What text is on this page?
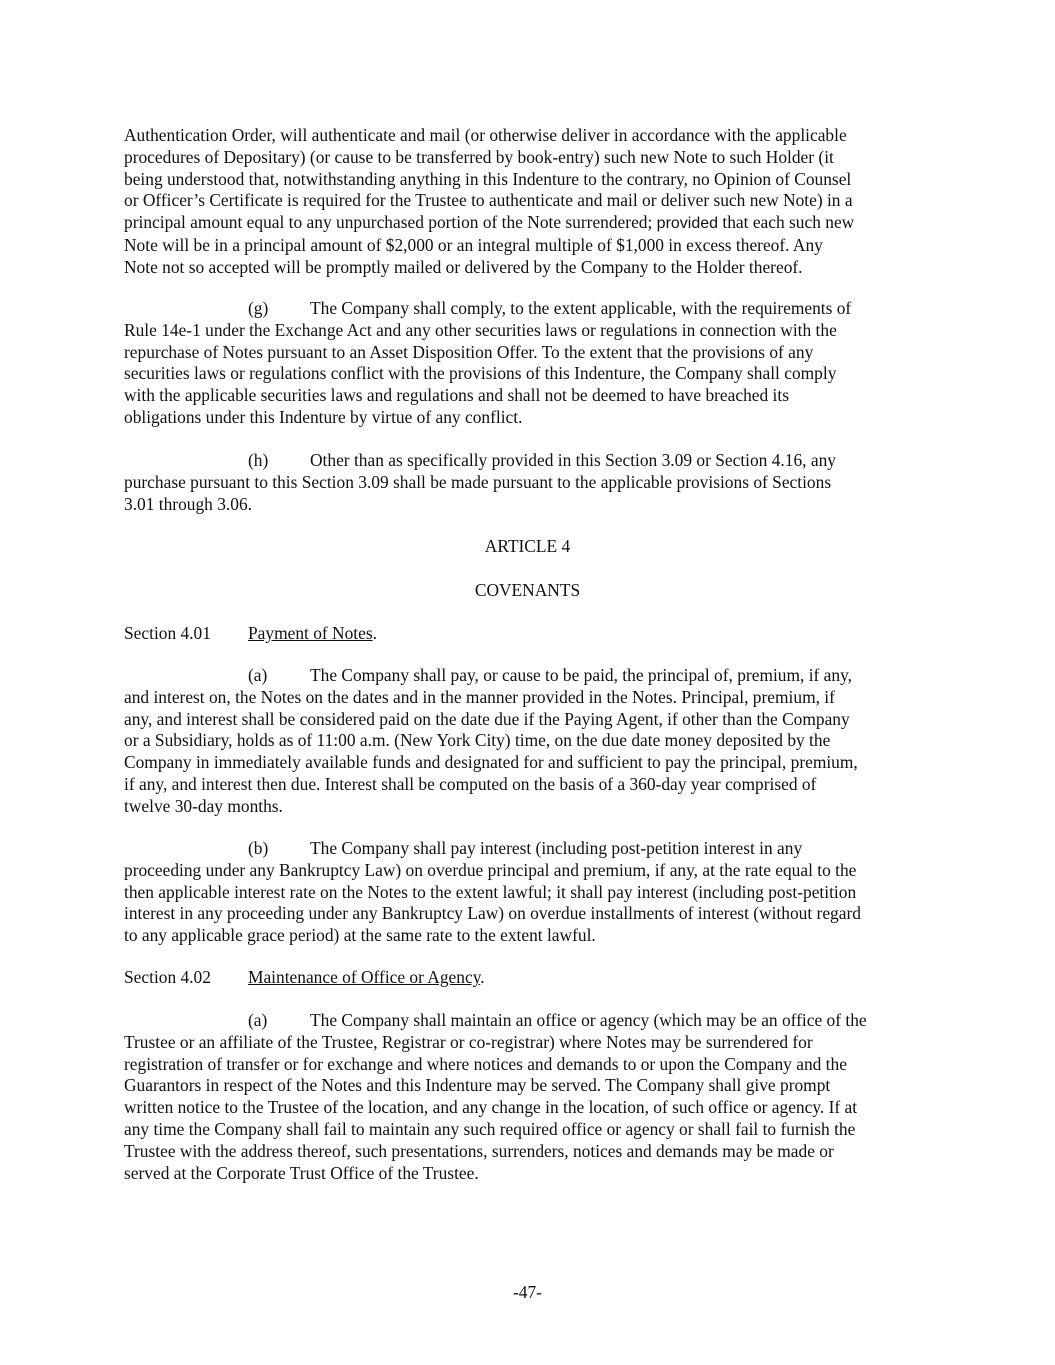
Authentication Order, will authenticate and mail (or otherwise deliver in accordance with the applicable
procedures of Depositary) (or cause to be transferred by book-entry) such new Note to such Holder (it
being understood that, notwithstanding anything in this Indenture to the contrary, no Opinion of Counsel
or Officer’s Certificate is required for the Trustee to authenticate and mail or deliver such new Note) in a
principal amount equal to any unpurchased portion of the Note surrendered; provided that each such new
Note will be in a principal amount of $2,000 or an integral multiple of $1,000 in excess thereof. Any
Note not so accepted will be promptly mailed or delivered by the Company to the Holder thereof.

(g) The Company shall comply, to the extent applicable, with the requirements of
Rule 14e-1 under the Exchange Act and any other securities laws or regulations in connection with the
repurchase of Notes pursuant to an Asset Disposition Offer. To the extent that the provisions of any
securities laws or regulations conflict with the provisions of this Indenture, the Company shall comply
with the applicable securities laws and regulations and shall not be deemed to have breached its
obligations under this Indenture by virtue of any conflict.

(h) Other than as specifically provided in this Section 3.09 or Section 4.16, any
purchase pursuant to this Section 3.09 shall be made pursuant to the applicable provisions of Sections
3.01 through 3.06.

ARTICLE 4

COVENANTS

Section 4.01 Payment of Notes.

(a) The Company shall pay, or cause to be paid, the principal of, premium, if any,
and interest on, the Notes on the dates and in the manner provided in the Notes. Principal, premium, if
any, and interest shall be considered paid on the date due if the Paying Agent, if other than the Company
or a Subsidiary, holds as of 11:00 a.m. (New York City) time, on the due date money deposited by the
Company in immediately available funds and designated for and sufficient to pay the principal, premium,
if any, and interest then due. Interest shall be computed on the basis of a 360-day year comprised of
twelve 30-day months.

(b) The Company shall pay interest (including post-petition interest in any
proceeding under any Bankruptcy Law) on overdue principal and premium, if any, at the rate equal to the
then applicable interest rate on the Notes to the extent lawful; it shall pay interest (including post-petition
interest in any proceeding under any Bankruptcy Law) on overdue installments of interest (without regard
to any applicable grace period) at the same rate to the extent lawful.

Section 4.02 Maintenance of Office or Agency.

(a) The Company shall maintain an office or agency (which may be an office of the
Trustee or an affiliate of the Trustee, Registrar or co-registrar) where Notes may be surrendered for
registration of transfer or for exchange and where notices and demands to or upon the Company and the
Guarantors in respect of the Notes and this Indenture may be served. The Company shall give prompt
written notice to the Trustee of the location, and any change in the location, of such office or agency. If at
any time the Company shall fail to maintain any such required office or agency or shall fail to furnish the
Trustee with the address thereof, such presentations, surrenders, notices and demands may be made or
served at the Corporate Trust Office of the Trustee.

-47-
